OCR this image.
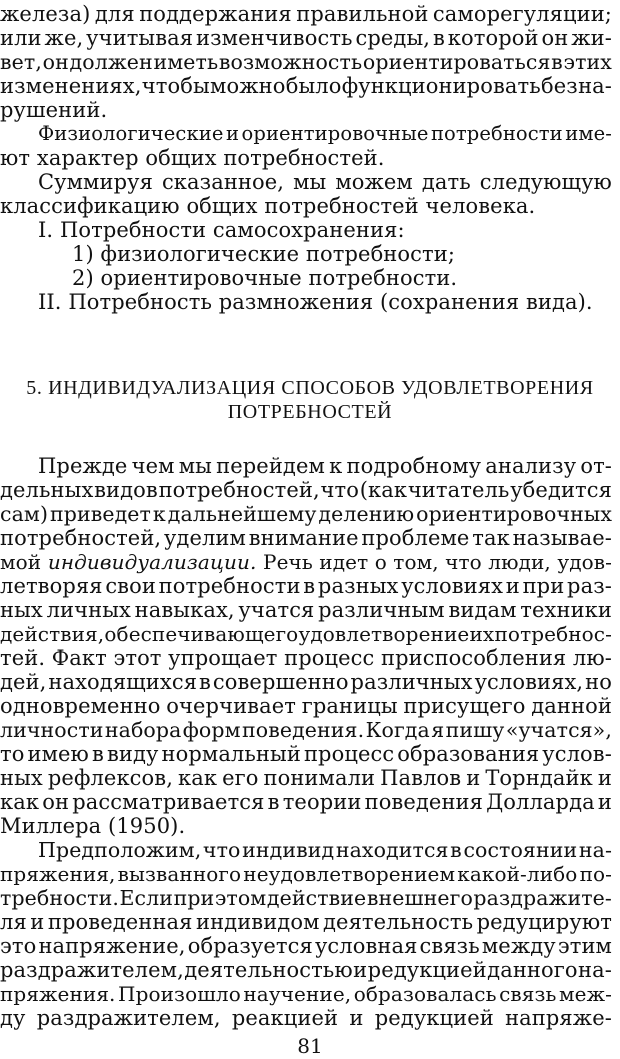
железа) для поддержания правильной саморегуляции;
или же, учитывая изменчивость среды, в которой он жи-
вет, он должен иметь возможность ориентироваться в этих
изменениях, чтобы можно было функционировать без на-
рушений.
Физиологические и ориентировочные потребности име-
ют характер общих потребностей.
Суммируя сказанное, мы можем дать следующую
классификацию общих потребностей человека.
I. Потребности самосохранения:
1) физиологические потребности;
2) ориентировочные потребности.
II. Потребность размножения (сохранения вида).
5. ИНДИВИДУАЛИЗАЦИЯ СПОСОБОВ УДОВЛЕТВОРЕНИЯ
ПОТРЕБНОСТЕЙ
Прежде чем мы перейдем к подробному анализу от-
дельных видов потребностей, что (как читатель убедится
сам) приведет к дальнейшему делению ориентировочных
потребностей, уделим внимание проблеме так называе-
мой индивидуализации. Речь идет о том, что люди, удов-
летворяя свои потребности в разных условиях и при раз-
ных личных навыках, учатся различным видам техники
действия, обеспечивающего удовлетворение их потребнос-
тей. Факт этот упрощает процесс приспособления лю-
дей, находящихся в совершенно различных условиях, но
одновременно очерчивает границы присущего данной
личности набора форм поведения. Когда я пишу «учатся»,
то имею в виду нормальный процесс образования услов-
ных рефлексов, как его понимали Павлов и Торндайк и
как он рассматривается в теории поведения Долларда и
Миллера (1950).
Предположим, что индивид находится в состоянии на-
пряжения, вызванного неудовлетворением какой-либо по-
требности. Если при этом действие внешнего раздражите-
ля и проведенная индивидом деятельность редуцируют
это напряжение, образуется условная связь между этим
раздражителем, деятельностью и редукцией данного на-
пряжения. Произошло научение, образовалась связь меж-
ду раздражителем, реакцией и редукцией напряже-
81
